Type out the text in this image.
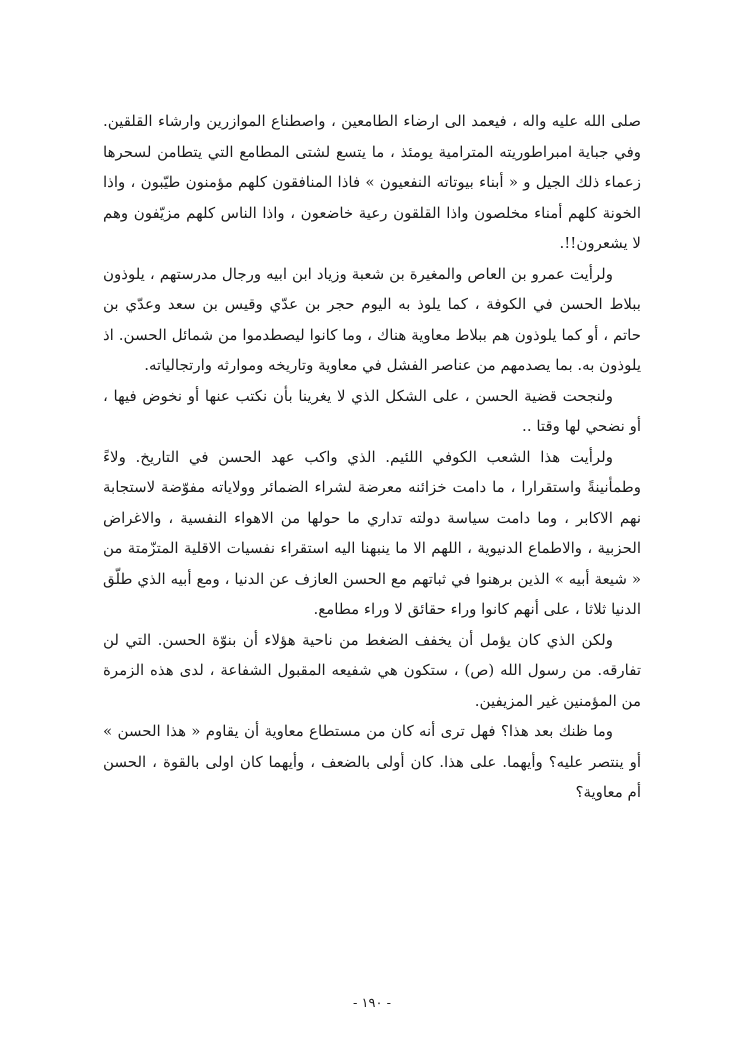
صلى الله عليه واله ، فيعمد الى ارضاء الطامعين ، واصطناع الموازرين وارشاء القلقين. وفي جباية امبراطوريته المترامية يومئذ ، ما يتسع لشتى المطامع التي يتطامن لسحرها زعماء ذلك الجيل و « أبناء بيوتاته النفعيون » فاذا المنافقون كلهم مؤمنون طيّبون ، واذا الخونة كلهم أمناء مخلصون واذا القلقون رعية خاضعون ، واذا الناس كلهم مزيّفون وهم لا يشعرون!!.

ولرأيت عمرو بن العاص والمغيرة بن شعبة وزياد ابن ابيه ورجال مدرستهم ، يلوذون ببلاط الحسن في الكوفة ، كما يلوذ به اليوم حجر بن عدّي وقيس بن سعد وعدّي بن حاتم ، أو كما يلوذون هم ببلاط معاوية هناك ، وما كانوا ليصطدموا من شمائل الحسن. اذ يلوذون به. بما يصدمهم من عناصر الفشل في معاوية وتاريخه وموارثه وارتجالياته.

ولنجحت قضية الحسن ، على الشكل الذي لا يغرينا بأن نكتب عنها أو نخوض فيها ، أو نضحي لها وقتا ..

ولرأيت هذا الشعب الكوفي اللئيم. الذي واكب عهد الحسن في التاريخ. ولاءً وطمأنينةً واستقرارا ، ما دامت خزائنه معرضة لشراء الضمائر وولاياته مفوّضة لاستجابة نهم الاكابر ، وما دامت سياسة دولته تداري ما حولها من الاهواء النفسية ، والاغراض الحزبية ، والاطماع الدنيوية ، اللهم الا ما ينبهنا اليه استقراء نفسيات الاقلية المتزّمتة من « شيعة أبيه » الذين برهنوا في ثباتهم مع الحسن العازف عن الدنيا ، ومع أبيه الذي طلّق الدنيا ثلاثا ، على أنهم كانوا وراء حقائق لا وراء مطامع.

ولكن الذي كان يؤمل أن يخفف الضغط من ناحية هؤلاء أن بنوّة الحسن. التي لن تفارقه. من رسول الله (ص) ، ستكون هي شفيعه المقبول الشفاعة ، لدى هذه الزمرة من المؤمنين غير المزيفين.

وما ظنك بعد هذا؟ فهل ترى أنه كان من مستطاع معاوية أن يقاوم « هذا الحسن » أو ينتصر عليه؟ وأيهما. على هذا. كان أولى بالضعف ، وأيهما كان اولى بالقوة ، الحسن أم معاوية؟

- ١٩٠ -
